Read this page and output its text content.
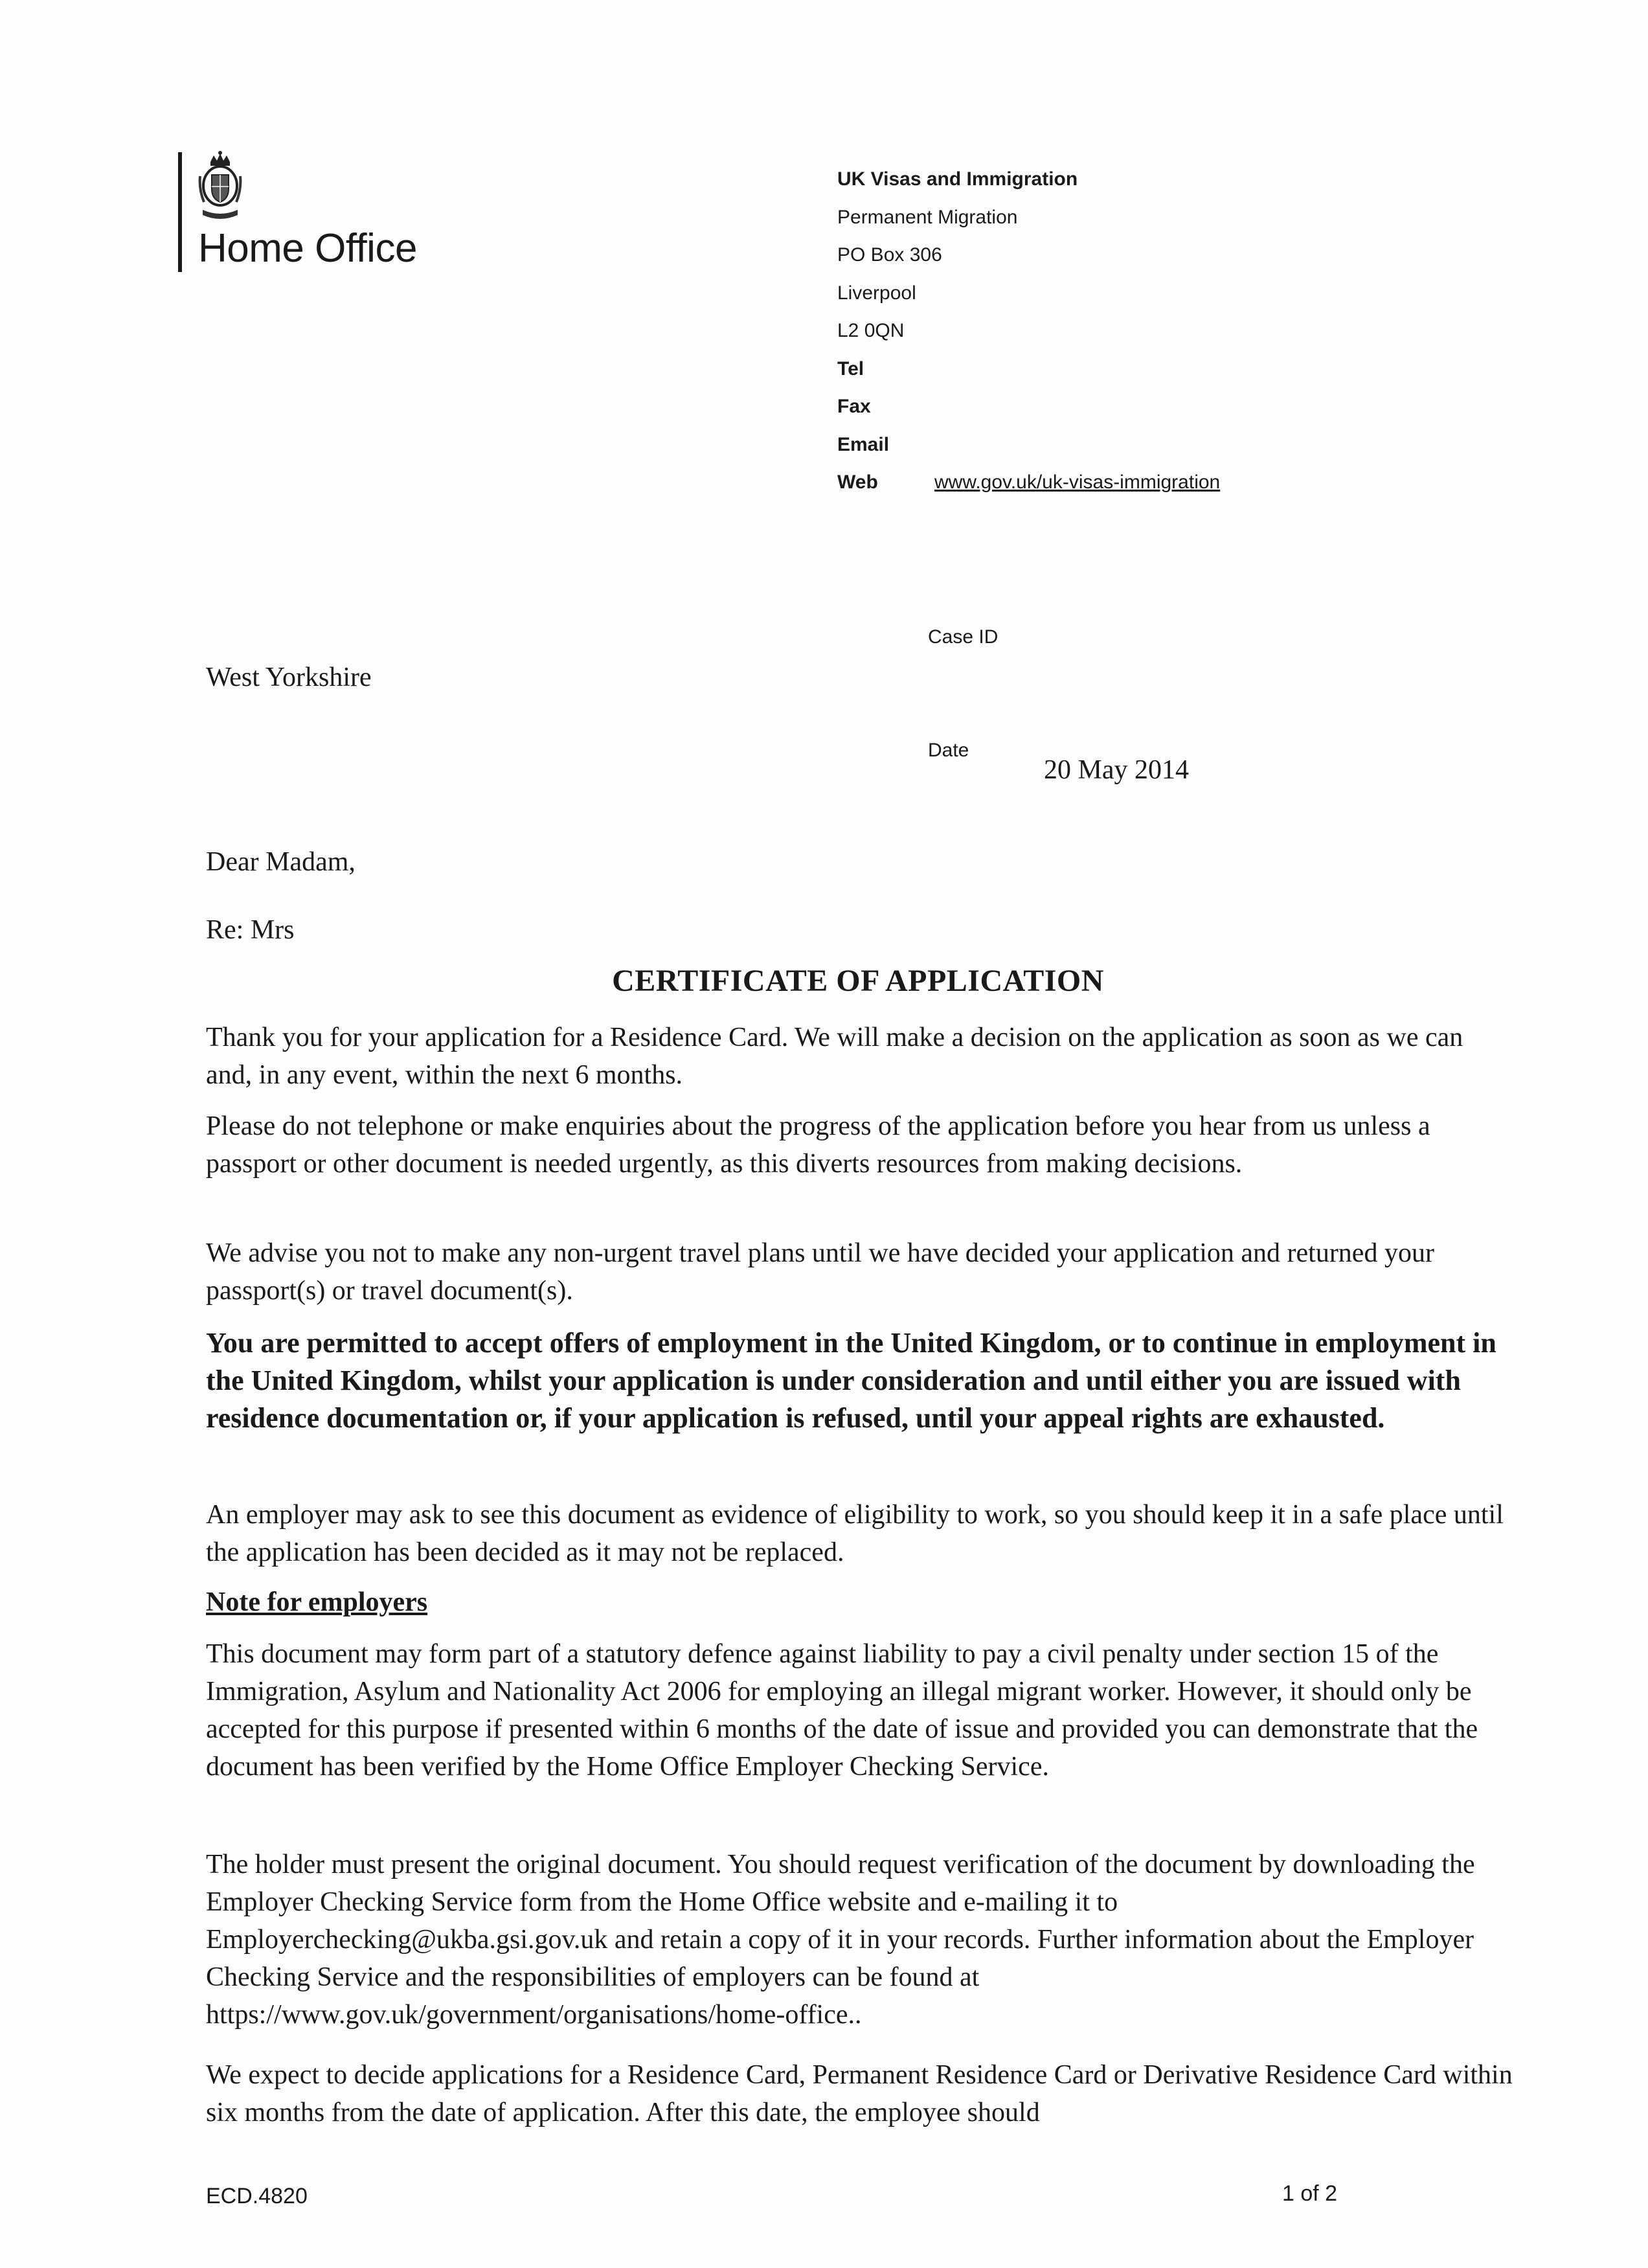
Home Office
UK Visas and Immigration
Permanent Migration
PO Box 306
Liverpool
L2 0QN
Tel
Fax
Email
Web	www.gov.uk/uk-visas-immigration
West Yorkshire
Case ID
Date
20 May 2014
Dear Madam,
Re: Mrs
CERTIFICATE OF APPLICATION
Thank you for your application for a Residence Card. We will make a decision on the application as soon as we can and, in any event, within the next 6 months.
Please do not telephone or make enquiries about the progress of the application before you hear from us unless a passport or other document is needed urgently, as this diverts resources from making decisions.
We advise you not to make any non-urgent travel plans until we have decided your application and returned your passport(s) or travel document(s).
You are permitted to accept offers of employment in the United Kingdom, or to continue in employment in the United Kingdom, whilst your application is under consideration and until either you are issued with residence documentation or, if your application is refused, until your appeal rights are exhausted.
An employer may ask to see this document as evidence of eligibility to work, so you should keep it in a safe place until the application has been decided as it may not be replaced.
Note for employers
This document may form part of a statutory defence against liability to pay a civil penalty under section 15 of the Immigration, Asylum and Nationality Act 2006 for employing an illegal migrant worker. However, it should only be accepted for this purpose if presented within 6 months of the date of issue and provided you can demonstrate that the document has been verified by the Home Office Employer Checking Service.
The holder must present the original document. You should request verification of the document by downloading the Employer Checking Service form from the Home Office website and e-mailing it to Employerchecking@ukba.gsi.gov.uk and retain a copy of it in your records. Further information about the Employer Checking Service and the responsibilities of employers can be found at https://www.gov.uk/government/organisations/home-office..
We expect to decide applications for a Residence Card, Permanent Residence Card or Derivative Residence Card within six months from the date of application. After this date, the employee should
ECD.4820	1 of 2
